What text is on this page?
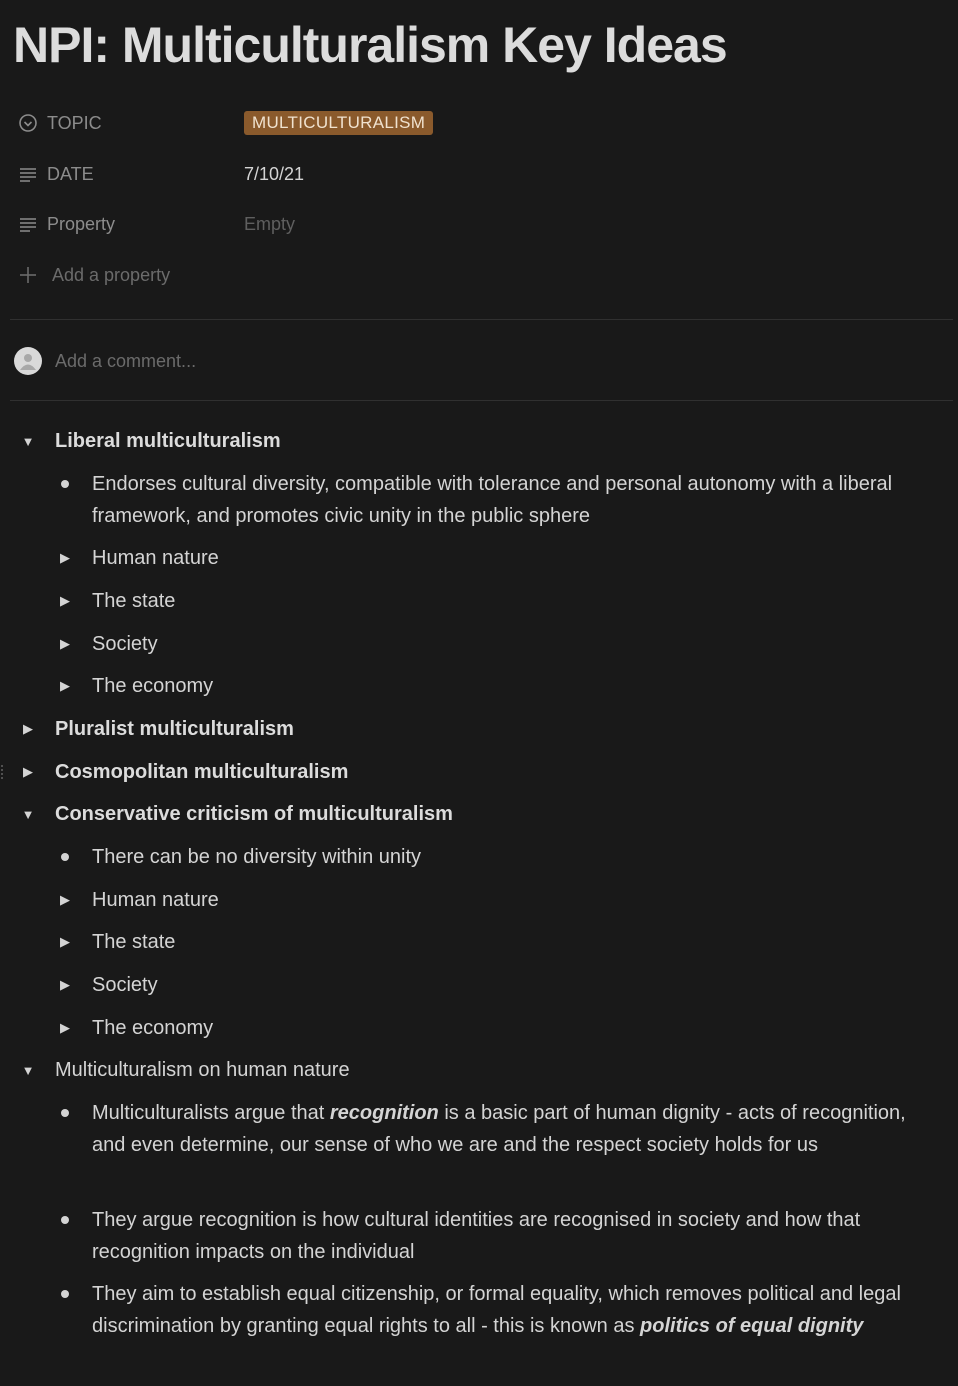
NPI: Multiculturalism Key Ideas
TOPIC	MULTICULTURALISM
DATE	7/10/21
Property	Empty
Add a property
Add a comment...
▼ Liberal multiculturalism
Endorses cultural diversity, compatible with tolerance and personal autonomy with a liberal framework, and promotes civic unity in the public sphere
▶ Human nature
▶ The state
▶ Society
▶ The economy
▶ Pluralist multiculturalism
▶ Cosmopolitan multiculturalism
▼ Conservative criticism of multiculturalism
There can be no diversity within unity
▶ Human nature
▶ The state
▶ Society
▶ The economy
▼ Multiculturalism on human nature
Multiculturalists argue that recognition is a basic part of human dignity - acts of recognition, and even determine, our sense of who we are and the respect society holds for us
They argue recognition is how cultural identities are recognised in society and how that recognition impacts on the individual
They aim to establish equal citizenship, or formal equality, which removes political and legal discrimination by granting equal rights to all - this is known as politics of equal dignity
